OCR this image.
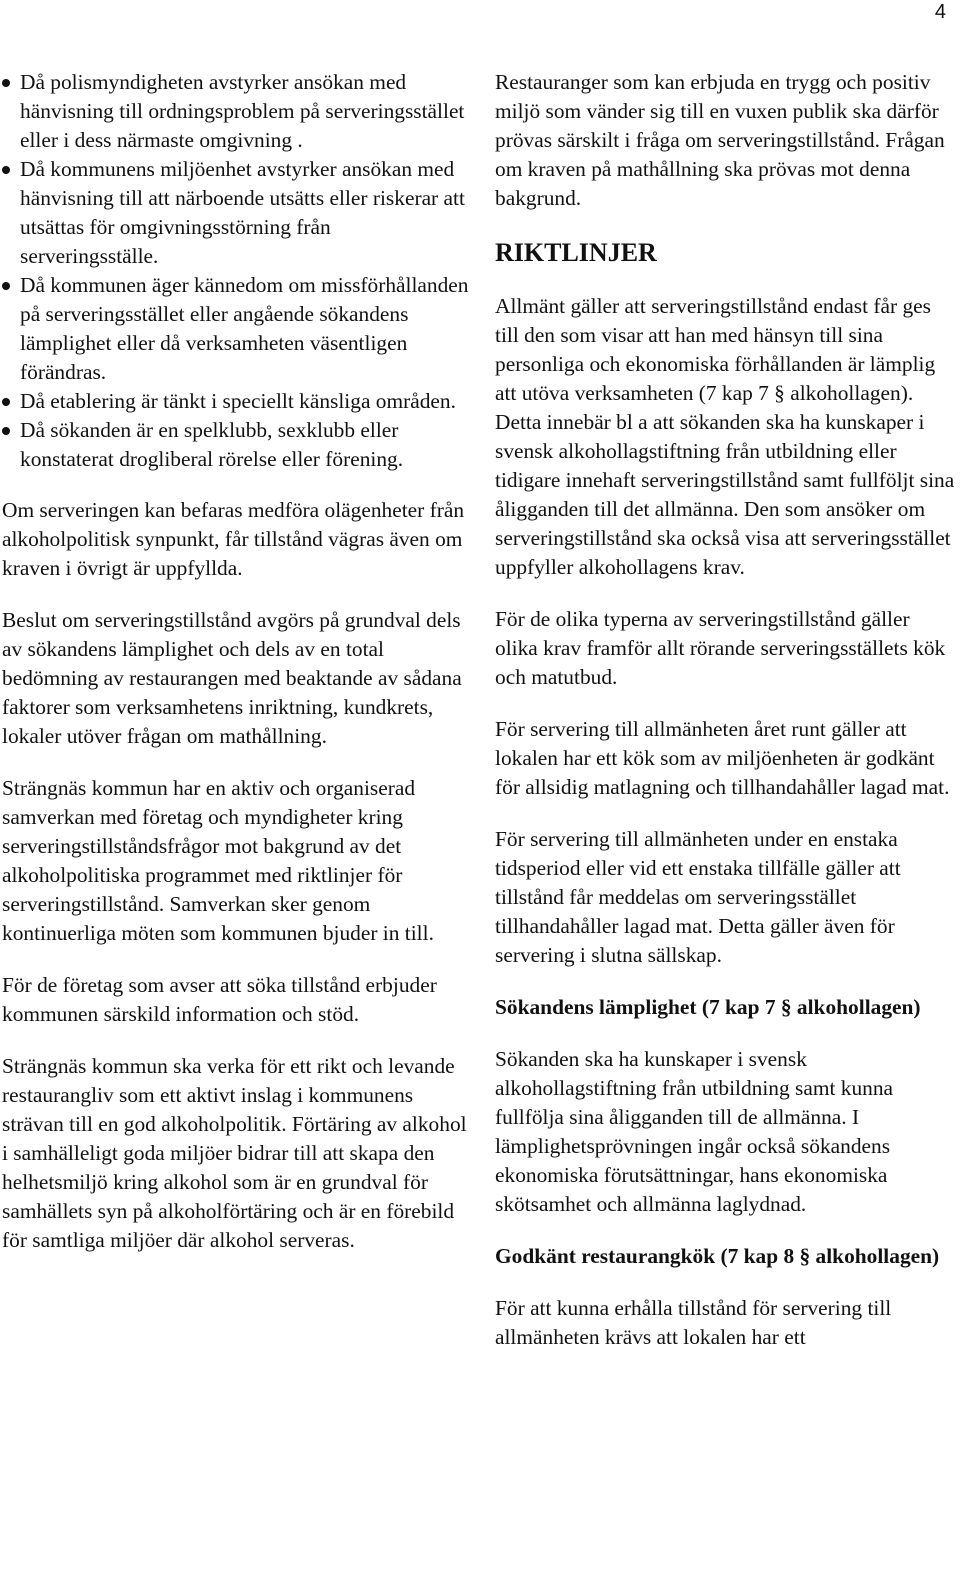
4
Då polismyndigheten avstyrker ansökan med hänvisning till ordningsproblem på serveringsstället eller i dess närmaste omgivning .
Då kommunens miljöenhet avstyrker ansökan med hänvisning till att närboende utsätts eller riskerar att utsättas för omgivningsstörning från serveringsställe.
Då kommunen äger kännedom om missförhållanden på serveringsstället eller angående sökandens lämplighet eller då verksamheten väsentligen förändras.
Då etablering är tänkt i speciellt känsliga områden.
Då sökanden är en spelklubb, sexklubb eller konstaterat drogliberal rörelse eller förening.

Om serveringen kan befaras medföra olägenheter från alkoholpolitisk synpunkt, får tillstånd vägras även om kraven i övrigt är uppfyllda.

Beslut om serveringstillstånd avgörs på grundval dels av sökandens lämplighet och dels av en total bedömning av restaurangen med beaktande av sådana faktorer som verksamhetens inriktning, kundkrets, lokaler utöver frågan om mathållning.

Strängnäs kommun har en aktiv och organiserad samverkan med företag och myndigheter kring serveringstillståndsfrågor mot bakgrund av det alkoholpolitiska programmet med riktlinjer för serveringstillstånd. Samverkan sker genom kontinuerliga möten som kommunen bjuder in till.

För de företag som avser att söka tillstånd erbjuder kommunen särskild information och stöd.

Strängnäs kommun ska verka för ett rikt och levande restaurangliv som ett aktivt inslag i kommunens strävan till en god alkoholpolitik. Förtäring av alkohol i samhälleligt goda miljöer bidrar till att skapa den helhetsmiljö kring alkohol som är en grundval för samhällets syn på alkoholförtäring och är en förebild för samtliga miljöer där alkohol serveras.

Restauranger som kan erbjuda en trygg och positiv miljö som vänder sig till en vuxen publik ska därför prövas särskilt i fråga om serveringstillstånd. Frågan om kraven på mathållning ska prövas mot denna bakgrund.

RIKTLINJER

Allmänt gäller att serveringstillstånd endast får ges till den som visar att han med hänsyn till sina personliga och ekonomiska förhållanden är lämplig att utöva verksamheten (7 kap 7 § alkohollagen). Detta innebär bl a att sökanden ska ha kunskaper i svensk alkohollagstiftning från utbildning eller tidigare innehaft serveringstillstånd samt fullföljt sina åligganden till det allmänna. Den som ansöker om serveringstillstånd ska också visa att serveringsstället uppfyller alkohollagens krav.

För de olika typerna av serveringstillstånd gäller olika krav framför allt rörande serveringsställets kök och matutbud.

För servering till allmänheten året runt gäller att lokalen har ett kök som av miljöenheten är godkänt för allsidig matlagning och tillhandahåller lagad mat.

För servering till allmänheten under en enstaka tidsperiod eller vid ett enstaka tillfälle gäller att tillstånd får meddelas om serveringsstället tillhandahåller lagad mat. Detta gäller även för servering i slutna sällskap.

Sökandens lämplighet (7 kap 7 § alkohollagen)

Sökanden ska ha kunskaper i svensk alkohollagstiftning från utbildning samt kunna fullfölja sina åligganden till de allmänna. I lämplighetsprövningen ingår också sökandens ekonomiska förutsättningar, hans ekonomiska skötsamhet och allmänna laglydnad.

Godkänt restaurangkök (7 kap 8 § alkohollagen)

För att kunna erhålla tillstånd för servering till allmänheten krävs att lokalen har ett
